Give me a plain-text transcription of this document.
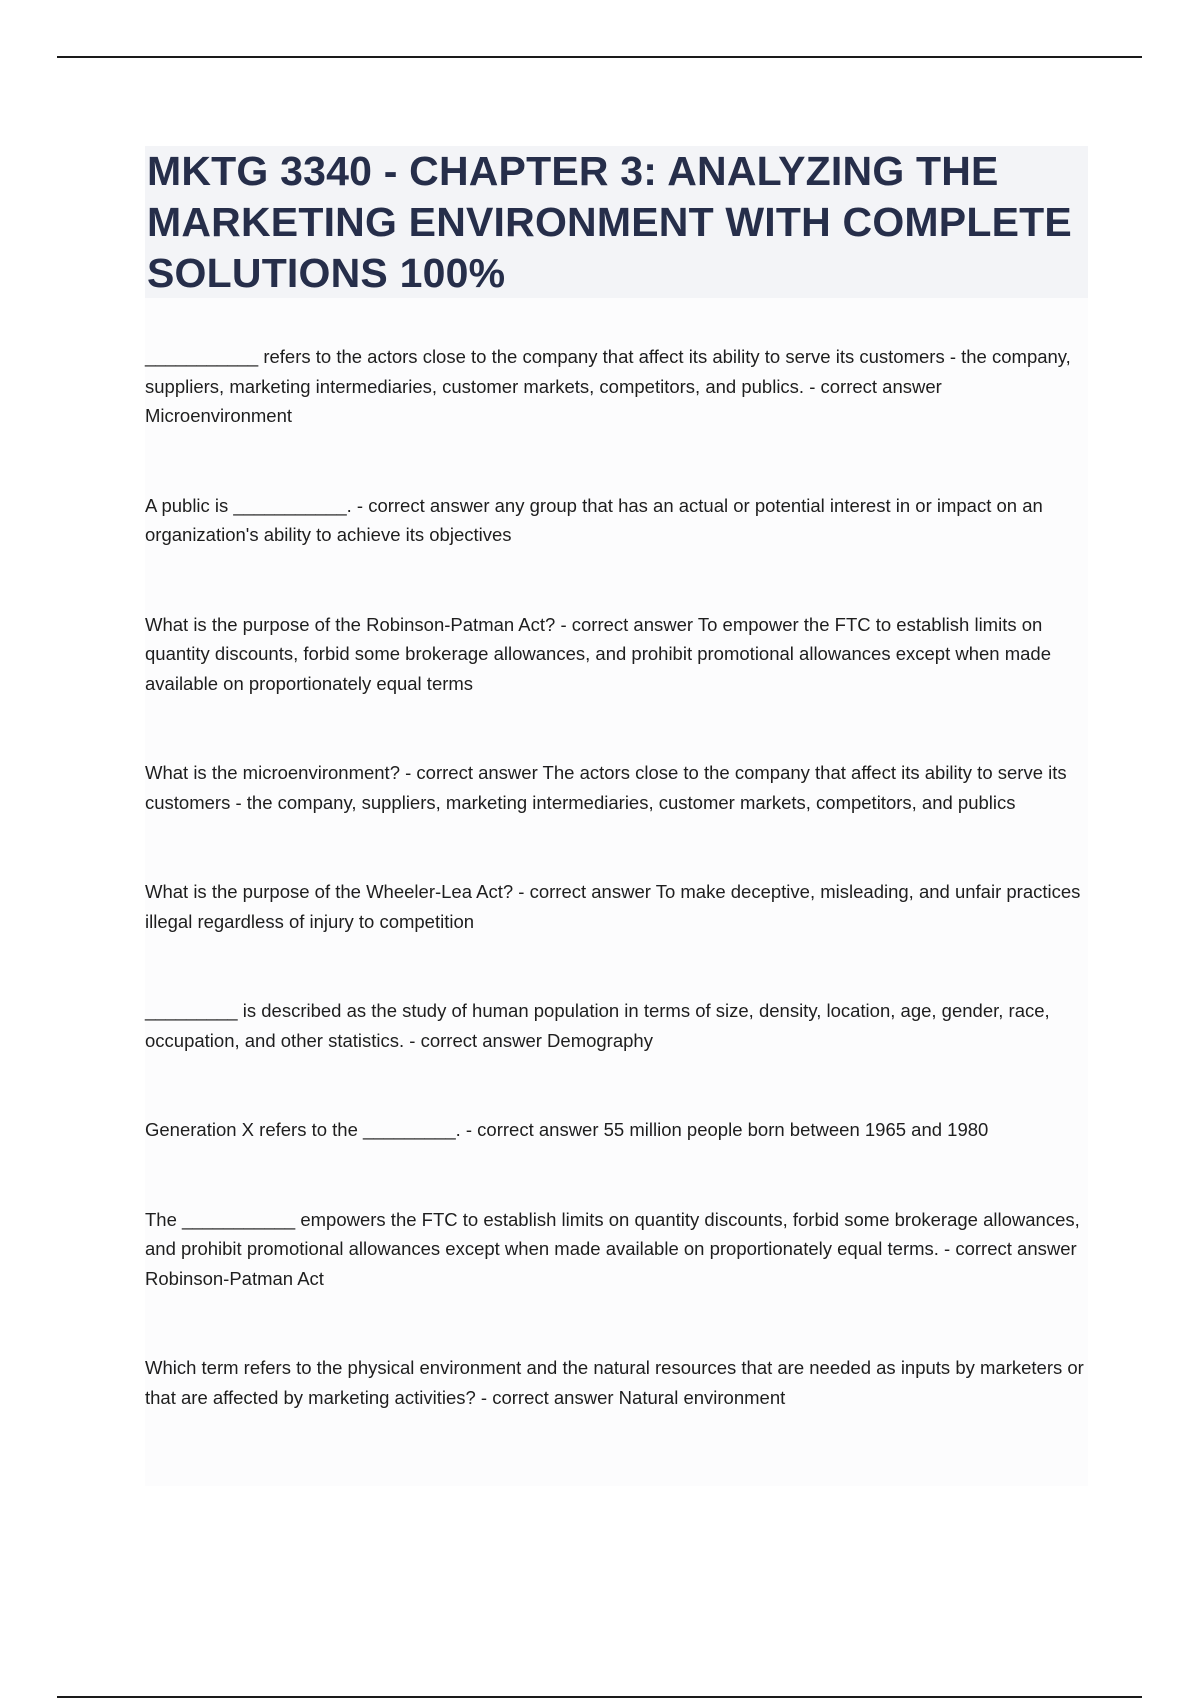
MKTG 3340 - CHAPTER 3: ANALYZING THE MARKETING ENVIRONMENT WITH COMPLETE SOLUTIONS 100%
___________ refers to the actors close to the company that affect its ability to serve its customers - the company, suppliers, marketing intermediaries, customer markets, competitors, and publics. - correct answer Microenvironment
A public is ___________. - correct answer any group that has an actual or potential interest in or impact on an organization's ability to achieve its objectives
What is the purpose of the Robinson-Patman Act? - correct answer To empower the FTC to establish limits on quantity discounts, forbid some brokerage allowances, and prohibit promotional allowances except when made available on proportionately equal terms
What is the microenvironment? - correct answer The actors close to the company that affect its ability to serve its customers - the company, suppliers, marketing intermediaries, customer markets, competitors, and publics
What is the purpose of the Wheeler-Lea Act? - correct answer To make deceptive, misleading, and unfair practices illegal regardless of injury to competition
_________ is described as the study of human population in terms of size, density, location, age, gender, race, occupation, and other statistics. - correct answer Demography
Generation X refers to the _________. - correct answer 55 million people born between 1965 and 1980
The ___________ empowers the FTC to establish limits on quantity discounts, forbid some brokerage allowances, and prohibit promotional allowances except when made available on proportionately equal terms. - correct answer Robinson-Patman Act
Which term refers to the physical environment and the natural resources that are needed as inputs by marketers or that are affected by marketing activities? - correct answer Natural environment
